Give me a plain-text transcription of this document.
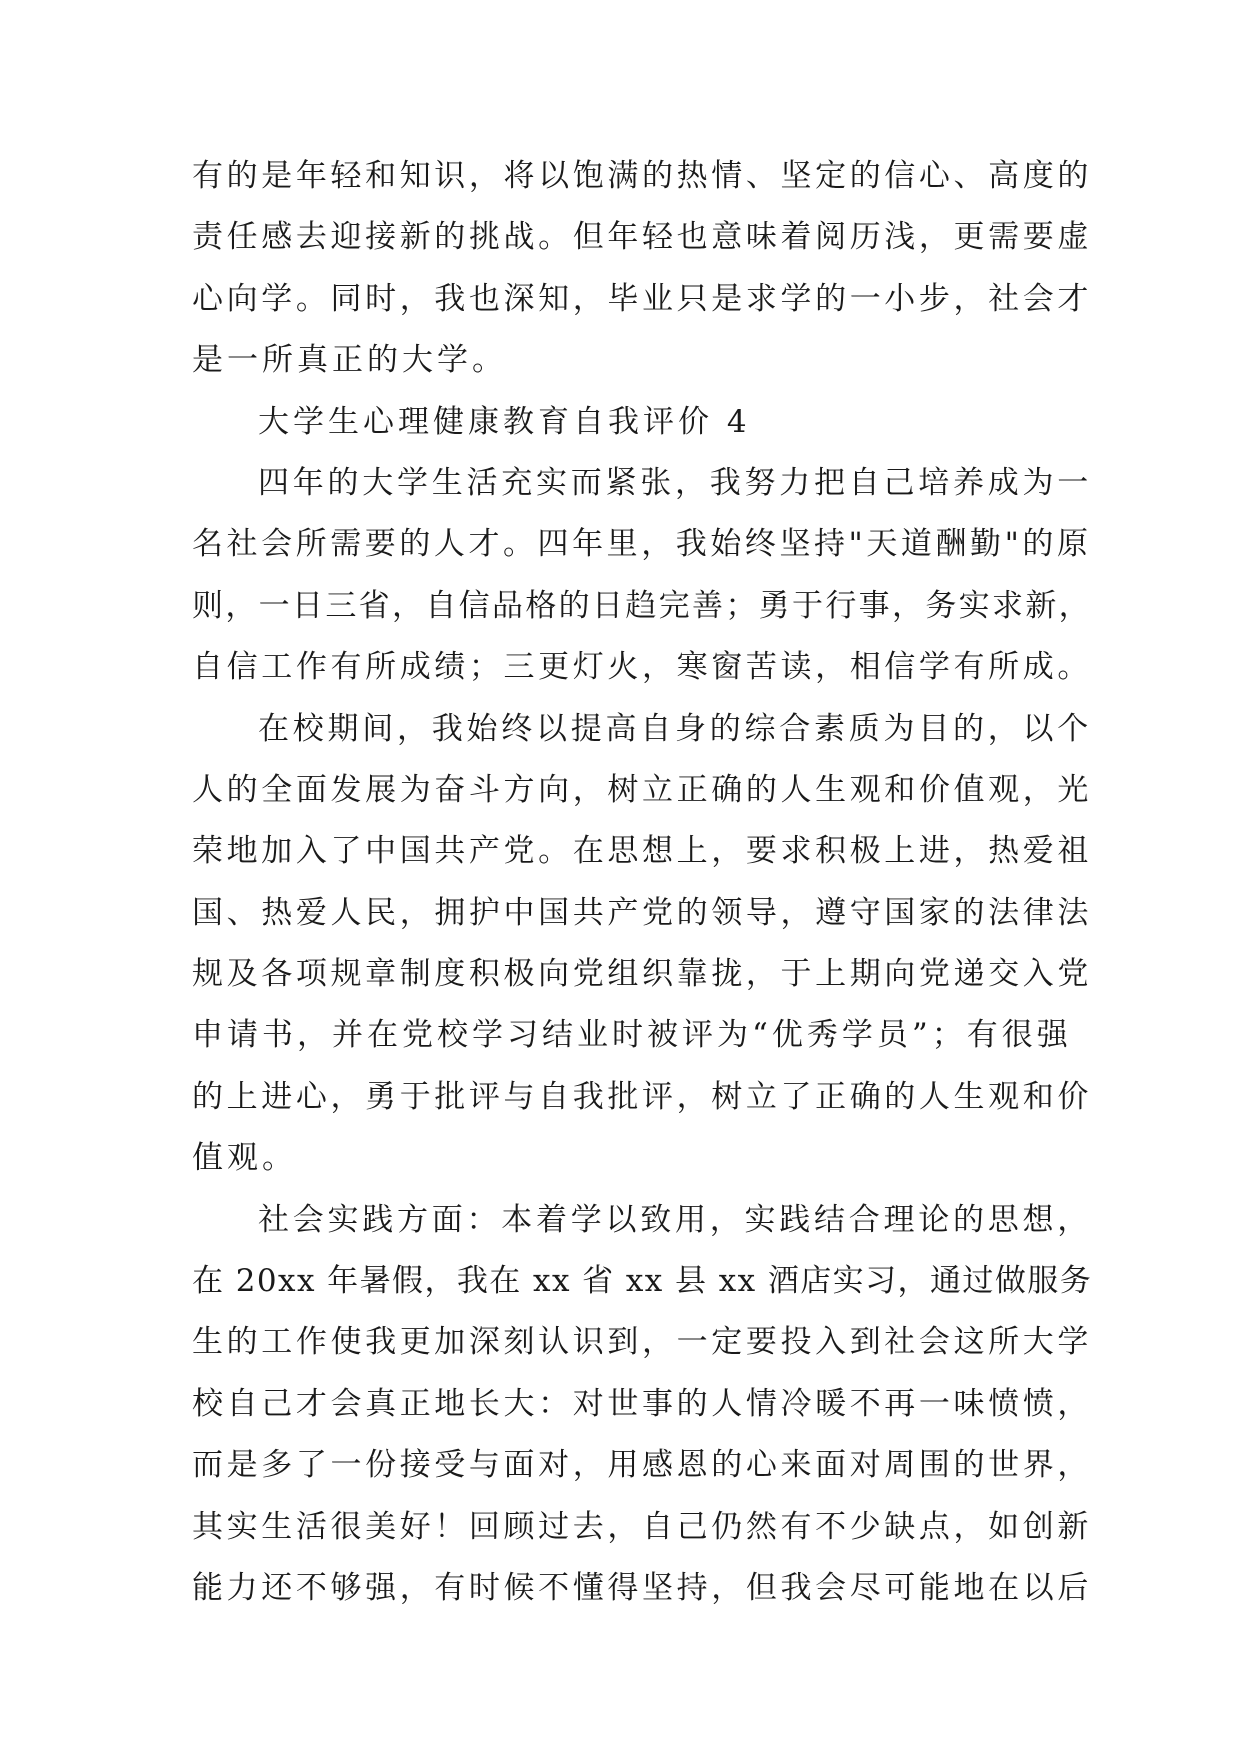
有的是年轻和知识，将以饱满的热情、坚定的信心、高度的
责任感去迎接新的挑战。但年轻也意味着阅历浅，更需要虚
心向学。同时，我也深知，毕业只是求学的一小步，社会才
是一所真正的大学。
大学生心理健康教育自我评价 4
四年的大学生活充实而紧张，我努力把自己培养成为一
名社会所需要的人才。四年里，我始终坚持"天道酬勤"的原
则，一日三省，自信品格的日趋完善；勇于行事，务实求新，
自信工作有所成绩；三更灯火，寒窗苦读，相信学有所成。
在校期间，我始终以提高自身的综合素质为目的，以个
人的全面发展为奋斗方向，树立正确的人生观和价值观，光
荣地加入了中国共产党。在思想上，要求积极上进，热爱祖
国、热爱人民，拥护中国共产党的领导，遵守国家的法律法
规及各项规章制度积极向党组织靠拢，于上期向党递交入党
申请书，并在党校学习结业时被评为“优秀学员”；有很强
的上进心，勇于批评与自我批评，树立了正确的人生观和价
值观。
社会实践方面：本着学以致用，实践结合理论的思想，
在 20xx 年暑假，我在 xx 省 xx 县 xx 酒店实习，通过做服务
生的工作使我更加深刻认识到，一定要投入到社会这所大学
校自己才会真正地长大：对世事的人情冷暖不再一味愤愤，
而是多了一份接受与面对，用感恩的心来面对周围的世界，
其实生活很美好！回顾过去，自己仍然有不少缺点，如创新
能力还不够强，有时候不懂得坚持，但我会尽可能地在以后
